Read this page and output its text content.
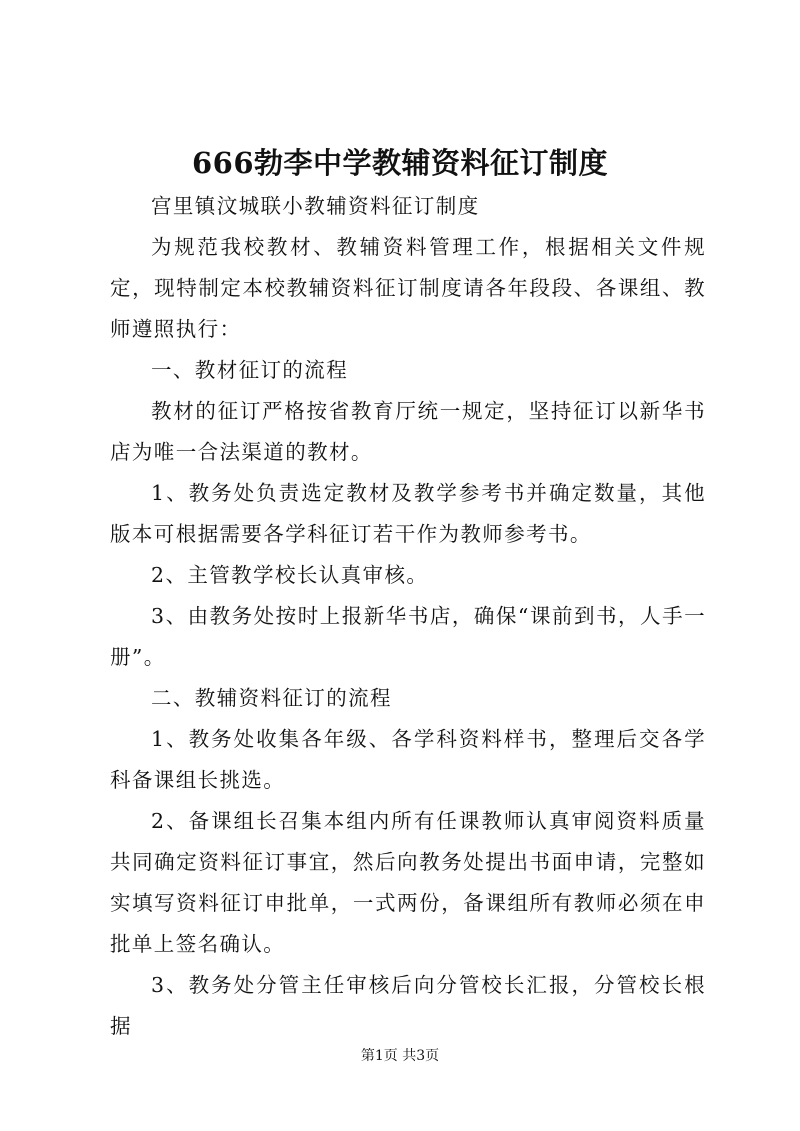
666勃李中学教辅资料征订制度

宫里镇汶城联小教辅资料征订制度

为规范我校教材、教辅资料管理工作，根据相关文件规定，现特制定本校教辅资料征订制度请各年段段、各课组、教师遵照执行：

一、教材征订的流程

教材的征订严格按省教育厅统一规定，坚持征订以新华书店为唯一合法渠道的教材。

1、教务处负责选定教材及教学参考书并确定数量，其他版本可根据需要各学科征订若干作为教师参考书。

2、主管教学校长认真审核。

3、由教务处按时上报新华书店，确保“课前到书，人手一册”。

二、教辅资料征订的流程

1、教务处收集各年级、各学科资料样书，整理后交各学科备课组长挑选。

2、备课组长召集本组内所有任课教师认真审阅资料质量共同确定资料征订事宜，然后向教务处提出书面申请，完整如实填写资料征订申批单，一式两份，备课组所有教师必须在申批单上签名确认。

3、教务处分管主任审核后向分管校长汇报，分管校长根据

第1页 共3页
